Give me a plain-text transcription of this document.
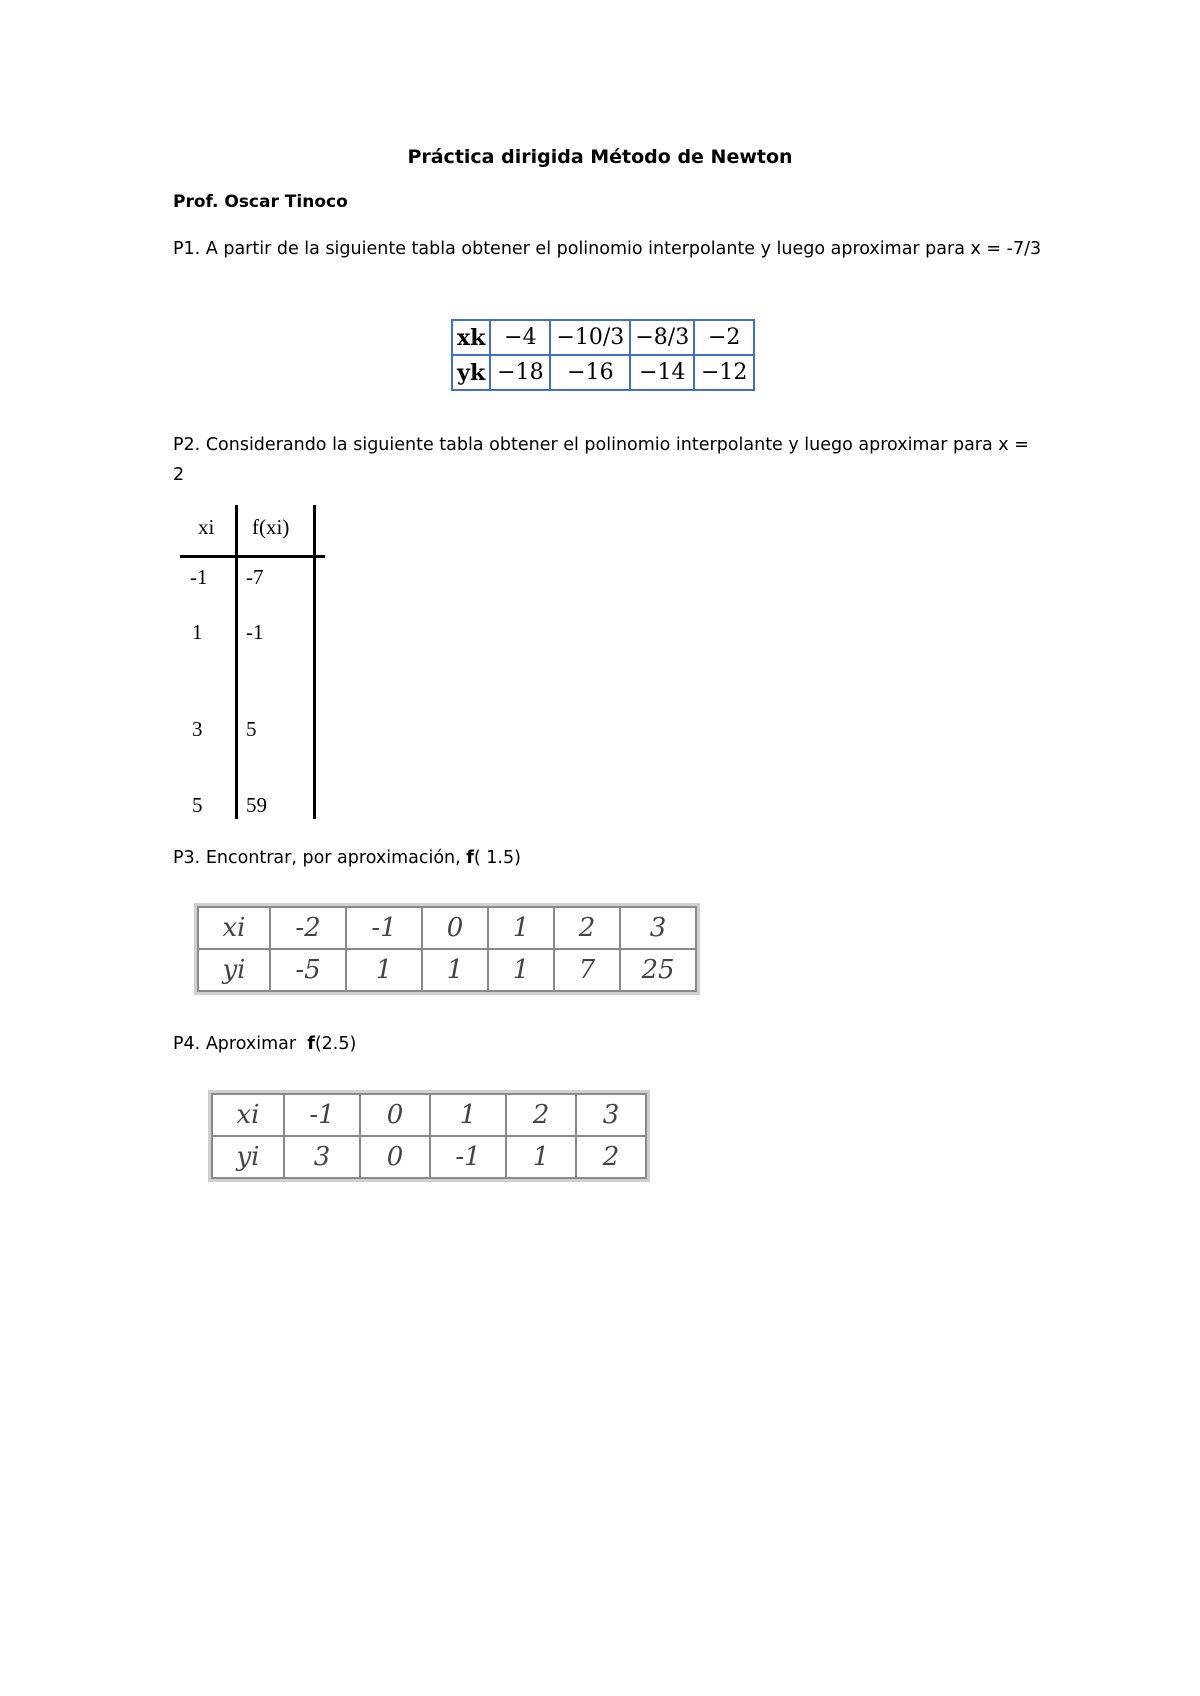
Práctica dirigida Método de Newton
Prof. Oscar Tinoco
P1. A partir de la siguiente tabla obtener el polinomio interpolante y luego aproximar para x = -7/3
xk	−4	−10/3	−8/3	−2
yk	−18	−16	−14	−12
P2. Considerando la siguiente tabla obtener el polinomio interpolante y luego aproximar para x = 2
xi f(xi)
-1 -7
1 -1
3 5
5 59
P3. Encontrar, por aproximación, f( 1.5)
xi	-2	-1	0	1	2	3
yi	-5	1	1	1	7	25
P4. Aproximar  f(2.5)
xi	-1	0	1	2	3
yi	3	0	-1	1	2
